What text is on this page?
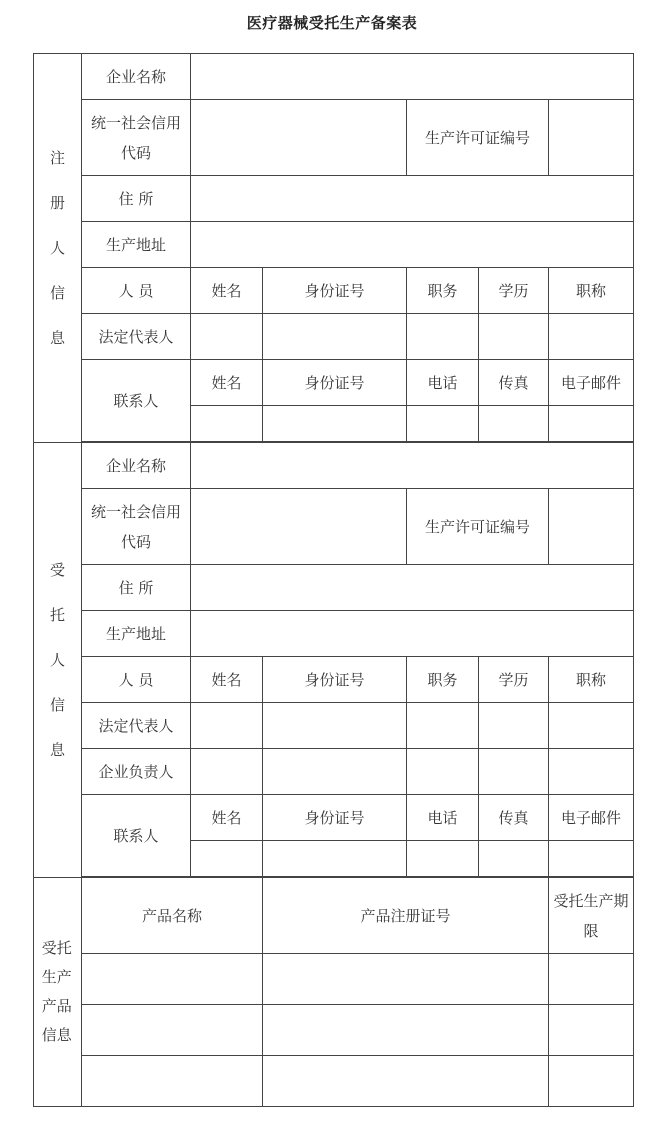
医疗器械受托生产备案表
注册人信息	企业名称					
	统一社会信用代码			生产许可证编号		
	住 所					
	生产地址					
	人 员	姓名	身份证号	职务	学历	职称
	法定代表人					
	联系人	姓名	身份证号	电话	传真	电子邮件

受托人信息	企业名称					
	统一社会信用代码			生产许可证编号		
	住 所					
	生产地址					
	人 员	姓名	身份证号	职务	学历	职称
	法定代表人					
	企业负责人					
	联系人	姓名	身份证号	电话	传真	电子邮件

受托生产产品信息	产品名称		产品注册证号			受托生产期限
